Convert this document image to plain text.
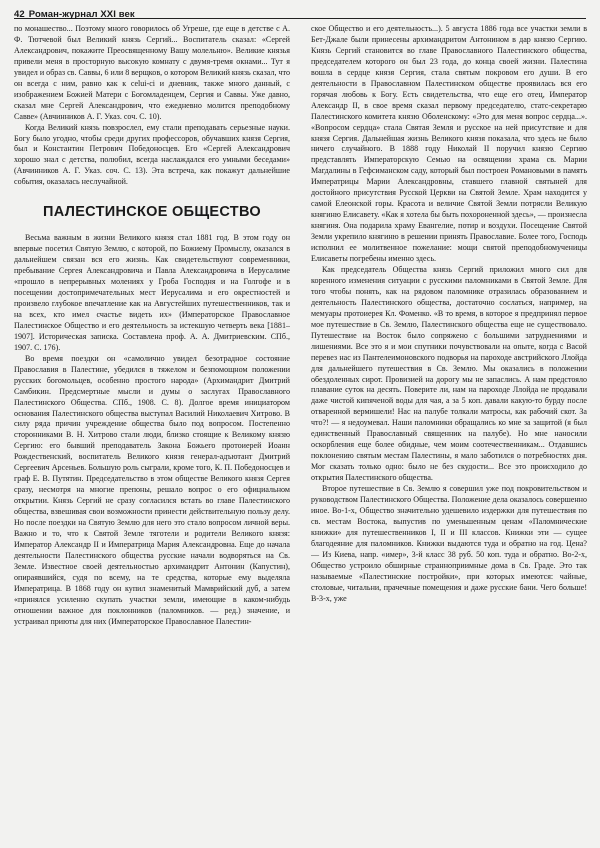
42 Роман-журнал XXI век

по монашество... Поэтому много говорилось об Угреше, где еще в детстве с А. Ф. Тютчевой был Великий князь Сергий... Воспитатель сказал: «Сергей Александрович, покажите Преосвященному Вашу молельню». Великие князья привели меня в просторную высокую комнату с двумя-тремя окнами... Тут я увидел и образ св. Саввы, 6 или 8 верщков, о котором Великий князь сказал, что он всегда с ним, равно как к celui-ci и дневник, также много данный, с изображением Божией Матери с Богомладенцем, Сергия и Саввы. Уже давно, сказал мне Сергей Александрович, что ежедневно молится преподобному Савве» (Авчинников А. Г. Указ. соч. С. 10).

Когда Великий князь повзрослел, ему стали преподавать серьезные науки. Богу было угодно, чтобы среди других профессоров, обучавших князя Сергия, был и Константин Петрович Победоносцев. Его «Сергей Александрович хорошо знал с детства, полюбил, всегда наслаждался его умными беседами» (Авчинников А. Г. Указ. соч. С. 13). Эта встреча, как покажут дальнейшие события, оказалась неслучайной.

ПАЛЕСТИНСКОЕ ОБЩЕСТВО

Весьма важным в жизни Великого князя стал 1881 год. В этом году он впервые посетил Святую Землю, с которой, по Божиему Промыслу, оказался в дальнейшем связан вся его жизнь. Как свидетельствуют современники, пребывание Сергея Александровича и Павла Александровича в Иерусалиме «прошло в непрерывных молениях у Гроба Господня и на Голгофе и в посещении достопримечательных мест Иерусалима и его окрестностей и произвело глубокое впечатление как на Августейших путешественников, так и на всех, кто имел счастье видеть их» (Императорское Православное Палестинское Общество и его деятельность за истекшую четверть века [1881–1907]. Историческая записка. Составлена проф. А. А. Дмитриевским. СПб., 1907. С. 176).

Во время поездки он «самолично увидел безотрадное состояние Православия в Палестине, убедился в тяжелом и безпомощном положении русских богомольцев, особенно простого народа» (Архимандрит Дмитрий Самбикин. Предсмертные мысли и думы о заслугах Православного Палестинского Общества. СПб., 1908. С. 8). Долгое время инициатором основания Палестинского общества выступал Василий Николаевич Хитрово. В силу ряда причин учреждение общества было под вопросом. Постепенно сторонниками В. Н. Хитрово стали люди, близко стоящие к Великому князю Сергию: его бывший преподаватель Закона Божьего протоиерей Иоанн Рождественский, воспитатель Великого князя генерал-адъютант Дмитрий Сергеевич Арсеньев. Большую роль сыграли, кроме того, К. П. Победоносцев и граф Е. В. Путятин. Председательство в этом обществе Великого князя Сергея сразу, несмотря на многие препоны, решало вопрос о его официальном открытии. Князь Сергий не сразу согласился встать во главе Палестинского общества, взвешивая свои возможности принести действительную пользу делу. Но после поездки на Святую Землю для него это стало вопросом личной веры. Важно и то, что к Святой Земле тяготели и родители Великого князя: Император Александр II и Императрица Мария Александровна. Еще до начала деятельности Палестинского общества русские начали водворяться на Св. Земле. Известное своей деятельностью архимандрит Антонин (Капустин), опираявшийся, судя по всему, на те средства, которые ему выделяла Императрица. В 1868 году он купил знаменитый Мамврийский дуб, а затем «принялся усиленно скупать участки земли, имеющие в каком-нибудь отношении важное для поклонников (паломников. — ред.) значение, и устраивал приюты для них (Императорское Православное Палестин-

ское Общество и его деятельность...). 5 августа 1886 года все участки земли в Бет-Джале были принесены архимандритом Антонином в дар князю Сергию. Князь Сергий становится во главе Православного Палестинского общества, председателем которого он был 23 года, до конца своей жизни. Палестина вошла в сердце князя Сергия, стала святым покровом его души. В его деятельности в Православном Палестинском обществе проявилась вся его горячая любовь к Богу. Есть свидетельства, что еще его отец, Император Александр II, в свое время сказал первому председателю, статс-секретарю Палестинского комитета князю Оболенскому: «Это для меня вопрос сердца...». «Вопросом сердца» стала Святая Земля и русское на ней присутствие и для князя Сергия. Дальнейшая жизнь Великого князя показала, что здесь не было ничего случайного. В 1888 году Николай II поручил князю Сергию представлять Императорскую Семью на освящении храма св. Марии Магдалины в Гефсиманском саду, который был построен Романовыми в память Императрицы Марии Александровны, ставшего главной святыней для достойного присутствия Русской Церкви на Святой Земле. Храм находится у самой Елеонской горы. Красота и величие Святой Земли потрясли Великую княгиню Елисавету. «Как я хотела бы быть похороненной здесь», — произнесла княгиня. Она подарила храму Евангелие, потир и воздухи. Посещение Святой Земли укрепило княгиню в решении принять Православие. Более того, Господь исполнил ее молитвенное пожелание: мощи святой преподобномученицы Елисаветы погребены именно здесь.

Как председатель Общества князь Сергий приложил много сил для коренного изменения ситуации с русскими паломниками в Святой Земле. Для того чтобы понять, как на рядовом паломнике отразилась образованием и деятельность Палестинского общества, достаточно сослаться, например, на мемуары протоиерея Кл. Фоменко. «В то время, в которое я предпринял первое мое путешествие в Св. Землю, Палестинского общества еще не существовало. Путешествие на Восток было сопряжено с большими затруднениями и лишениями. Все это я и мои спутники почувствовали на опыте, когда с Васой перевез нас из Пантелеимоновского подворья на пароходе австрийского Ллойда для дальнейшего путешествия в Св. Землю. Мы оказались в положении обездоленных сирот. Провизией на дорогу мы не запаслись. А нам предстояло плавание суток на десять. Поверите ли, нам на пароходе Ллойда не продавали даже чистой кипяченой воды для чая, а за 5 коп. давали какую-то бурду после отваренной вермишели! Нас на палубе толкали матросы, как рабочий скот. За что?! — я недоумевал. Наши паломники обращались ко мне за защитой (я был единственный Православный священник на палубе). Но мне наносили оскорбления еще более обидные, чем моим соотечественникам... Отдавшись поклонению святым местам Палестины, я мало заботился о потребностях дня. Мог сказать только одно: было не без скудости... Все это происходило до открытия Палестинского общества.

Второе путешествие в Св. Землю я совершил уже под покровительством и руководством Палестинского Общества. Положение дела оказалось совершенно иное. Во-1-х, Общество значительно удешевило издержки для путешествия по св. местам Востока, выпустив по уменьшенным ценам «Паломнические книжки» для путешественников I, II и III классов. Книжки эти — сущее благодеяние для паломников. Книжки выдаются туда и обратно на год. Цена? — Из Киева, напр. «имер», 3-й класс 38 руб. 50 коп. туда и обратно. Во-2-х, Общество устроило обширные странноприимные дома в Св. Граде. Это так называемые «Палестинские постройки», при которых имеются: чайные, столовые, читальни, прачечные помещения и даже русские бани. Чего больше! В-3-х, уже
